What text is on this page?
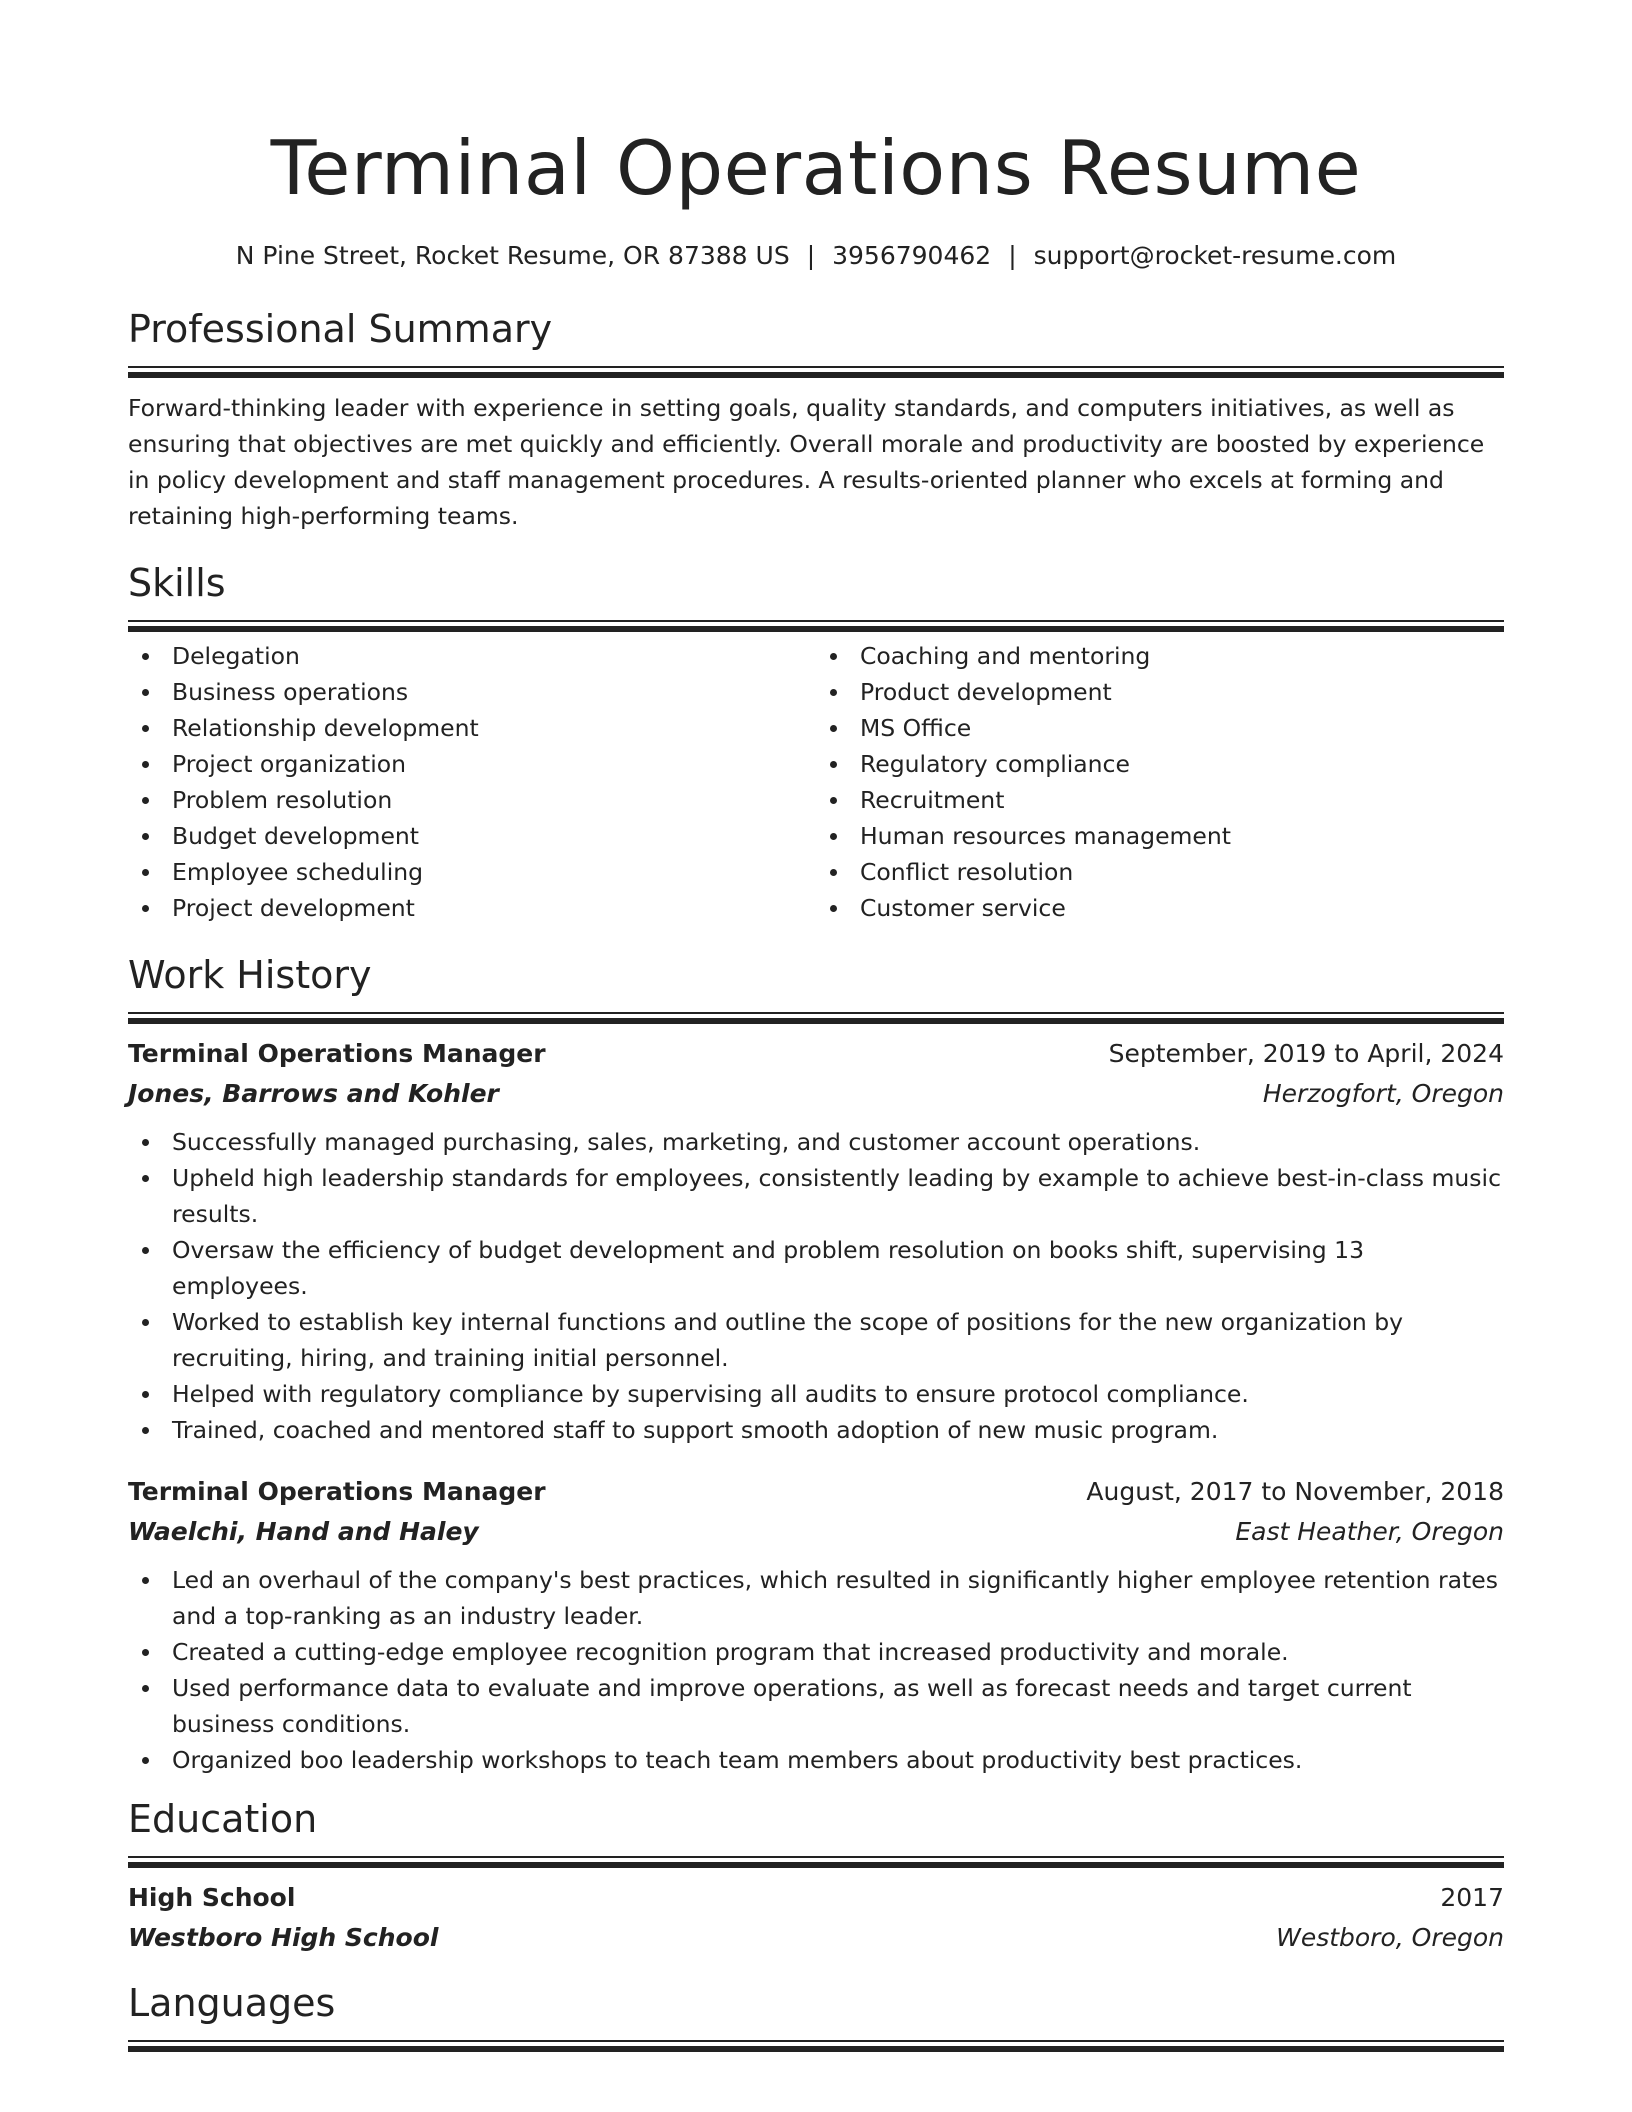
Terminal Operations Resume
N Pine Street, Rocket Resume, OR 87388 US | 3956790462 | support@rocket-resume.com
Professional Summary

Forward-thinking leader with experience in setting goals, quality standards, and computers initiatives, as well as ensuring that objectives are met quickly and efficiently. Overall morale and productivity are boosted by experience in policy development and staff management procedures. A results-oriented planner who excels at forming and retaining high-performing teams.

Skills
Delegation
Business operations
Relationship development
Project organization
Problem resolution
Budget development
Employee scheduling
Project development
Coaching and mentoring
Product development
MS Office
Regulatory compliance
Recruitment
Human resources management
Conflict resolution
Customer service
Work History
Terminal Operations Manager	September, 2019 to April, 2024
Jones, Barrows and Kohler	Herzogfort, Oregon
Successfully managed purchasing, sales, marketing, and customer account operations.
Upheld high leadership standards for employees, consistently leading by example to achieve best-in-class music results.
Oversaw the efficiency of budget development and problem resolution on books shift, supervising 13 employees.
Worked to establish key internal functions and outline the scope of positions for the new organization by recruiting, hiring, and training initial personnel.
Helped with regulatory compliance by supervising all audits to ensure protocol compliance.
Trained, coached and mentored staff to support smooth adoption of new music program.
Terminal Operations Manager	August, 2017 to November, 2018
Waelchi, Hand and Haley	East Heather, Oregon
Led an overhaul of the company's best practices, which resulted in significantly higher employee retention rates and a top-ranking as an industry leader.
Created a cutting-edge employee recognition program that increased productivity and morale.
Used performance data to evaluate and improve operations, as well as forecast needs and target current business conditions.
Organized boo leadership workshops to teach team members about productivity best practices.
Education
High School	2017
Westboro High School	Westboro, Oregon
Languages
